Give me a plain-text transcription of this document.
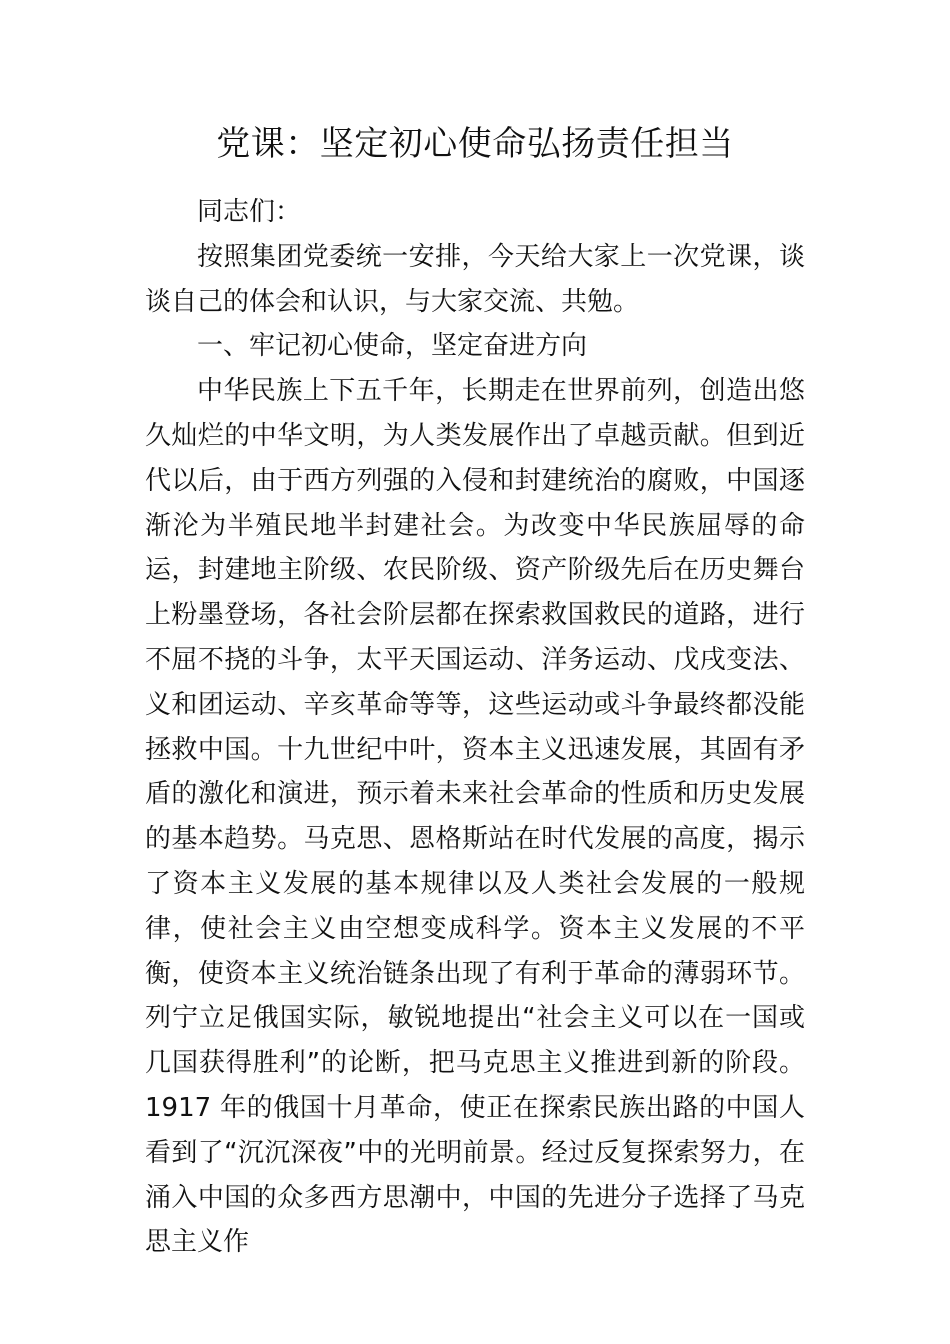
党课：坚定初心使命弘扬责任担当

同志们：

按照集团党委统一安排，今天给大家上一次党课，谈谈自己的体会和认识，与大家交流、共勉。

一、牢记初心使命，坚定奋进方向

中华民族上下五千年，长期走在世界前列，创造出悠久灿烂的中华文明，为人类发展作出了卓越贡献。但到近代以后，由于西方列强的入侵和封建统治的腐败，中国逐渐沦为半殖民地半封建社会。为改变中华民族屈辱的命运，封建地主阶级、农民阶级、资产阶级先后在历史舞台上粉墨登场，各社会阶层都在探索救国救民的道路，进行不屈不挠的斗争，太平天国运动、洋务运动、戊戌变法、义和团运动、辛亥革命等等，这些运动或斗争最终都没能拯救中国。十九世纪中叶，资本主义迅速发展，其固有矛盾的激化和演进，预示着未来社会革命的性质和历史发展的基本趋势。马克思、恩格斯站在时代发展的高度，揭示了资本主义发展的基本规律以及人类社会发展的一般规律，使社会主义由空想变成科学。资本主义发展的不平衡，使资本主义统治链条出现了有利于革命的薄弱环节。列宁立足俄国实际，敏锐地提出“社会主义可以在一国或几国获得胜利”的论断，把马克思主义推进到新的阶段。1917 年的俄国十月革命，使正在探索民族出路的中国人看到了“沉沉深夜”中的光明前景。经过反复探索努力，在涌入中国的众多西方思潮中，中国的先进分子选择了马克思主义作
